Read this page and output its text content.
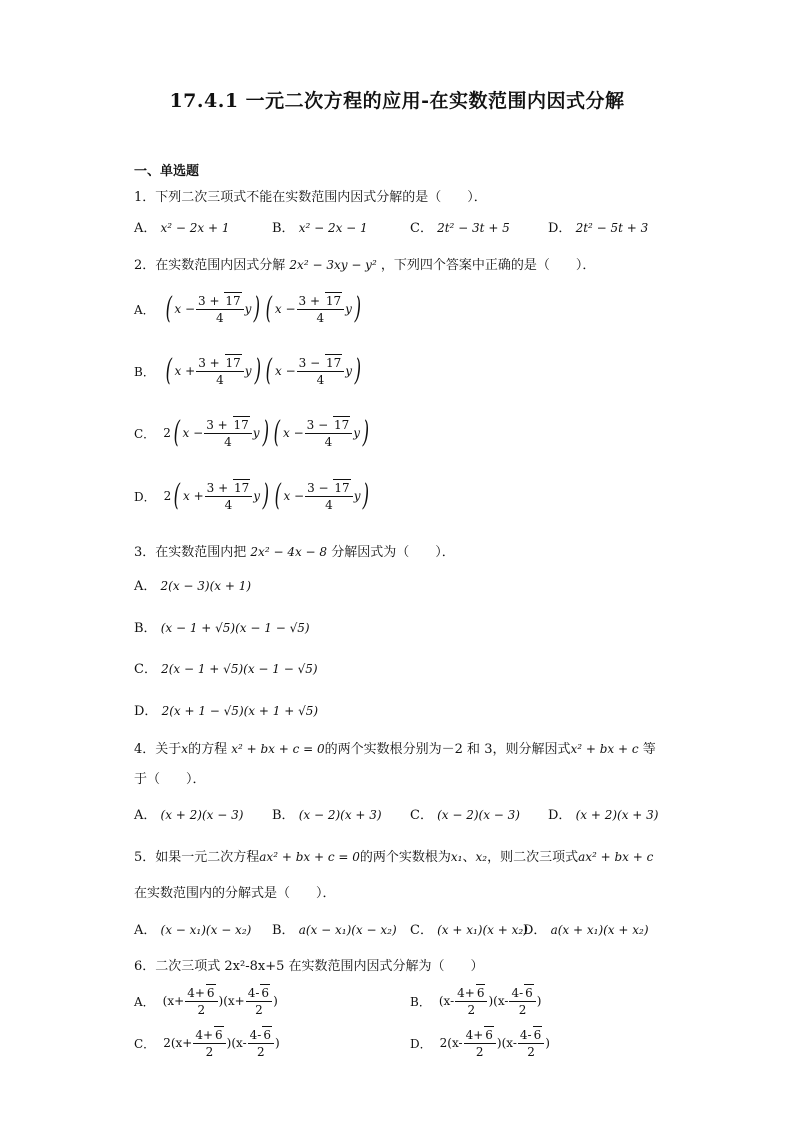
17.4.1 一元二次方程的应用-在实数范围内因式分解
一、单选题
1．下列二次三项式不能在实数范围内因式分解的是（　　）．
A． x² − 2x + 1	B． x² − 2x − 1	C． 2t² − 3t + 5	D． 2t² − 5t + 3
2．在实数范围内因式分解 2x² − 3xy − y² ，下列四个答案中正确的是（　　）．
A． ( $x - \frac{3 + 17}{4}$ y ) ( $x - \frac{3 + 17}{4}$ y )
B． ( $x + \frac{3 + 17}{4}$ y ) ( $x - \frac{3 - 17}{4}$ y )
C． 2 ( $x - \frac{3 + 17}{4}$ y ) ( $x - \frac{3 - 17}{4}$ y )
D． 2 ( $x + \frac{3 + 17}{4}$ y ) ( $x - \frac{3 - 17}{4}$ y )
3．在实数范围内把 2x² − 4x − 8 分解因式为（　　）．
A． 2(x − 3)(x + 1)
B． (x − 1 + √5)(x − 1 − √5)
C． 2(x − 1 + √5)(x − 1 − √5)
D． 2(x + 1 − √5)(x + 1 + √5)
4．关于x的方程 x² + bx + c = 0的两个实数根分别为－2 和 3，则分解因式x² + bx + c 等
于（　　）．
A． (x + 2)(x − 3) B． (x − 2)(x + 3) C． (x − 2)(x − 3) D． (x + 2)(x + 3)
5．如果一元二次方程ax² + bx + c = 0的两个实数根为x₁、x₂，则二次三项式ax² + bx + c
在实数范围内的分解式是（　　）．
A． (x − x₁)(x − x₂) B． a(x − x₁)(x − x₂) C． (x + x₁)(x + x₂)
D． a(x + x₁)(x + x₂)
6．二次三项式 2x²-8x+5 在实数范围内因式分解为（　　）
A． $(x+ \frac{4+ 6}{2} )(x+ \frac{4- 6}{2}$ )	B． $(x- \frac{4+ 6}{2} )(x- \frac{4- 6}{2}$ )
C． $2(x+ \frac{4+ 6}{2} )(x- \frac{4- 6}{2}$ )	D． $2(x- \frac{4+ 6}{2} )(x- \frac{4- 6}{2}$ )
